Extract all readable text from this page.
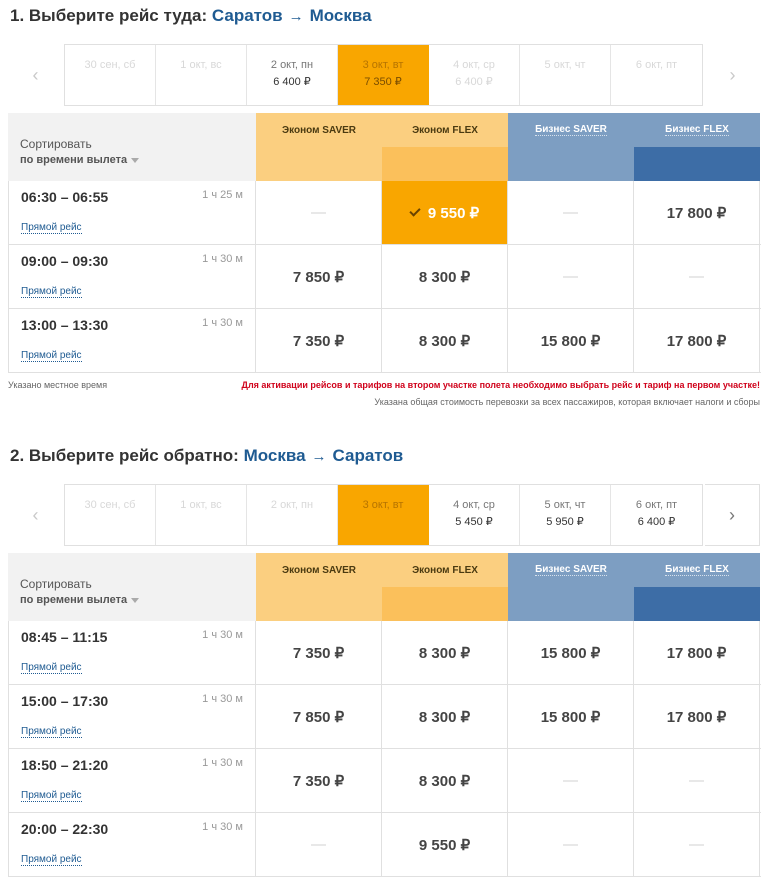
1. Выберите рейс туда: Саратов → Москва
‹	30 сен, сб	1 окт, вс	2 окт, пн
6 400 ₽
3 окт, вт
7 350 ₽
4 окт, ср
6 400 ₽
5 окт, чт	6 окт, пт	›
Сортировать
по времени вылета
Эконом SAVER	Эконом FLEX	Бизнес SAVER	Бизнес FLEX
06:30 – 06:55	1 ч 25 м
Прямой рейс
—	9 550 ₽	—	17 800 ₽
09:00 – 09:30	1 ч 30 м
Прямой рейс
7 850 ₽	8 300 ₽	—	—
13:00 – 13:30	1 ч 30 м
Прямой рейс
7 350 ₽	8 300 ₽	15 800 ₽	17 800 ₽
Указано местное время	Для активации рейсов и тарифов на втором участке полета необходимо выбрать рейс и тариф на первом участке!
Указана общая стоимость перевозки за всех пассажиров, которая включает налоги и сборы
2. Выберите рейс обратно: Москва → Саратов
‹	30 сен, сб	1 окт, вс	2 окт, пн	3 окт, вт	4 окт, ср
5 450 ₽
5 окт, чт
5 950 ₽
6 окт, пт
6 400 ₽	›
Сортировать
по времени вылета
Эконом SAVER	Эконом FLEX	Бизнес SAVER	Бизнес FLEX
08:45 – 11:15	1 ч 30 м
Прямой рейс
7 350 ₽	8 300 ₽	15 800 ₽	17 800 ₽
15:00 – 17:30	1 ч 30 м
Прямой рейс
7 850 ₽	8 300 ₽	15 800 ₽	17 800 ₽
18:50 – 21:20	1 ч 30 м
Прямой рейс
7 350 ₽	8 300 ₽	—	—
20:00 – 22:30	1 ч 30 м
Прямой рейс
—	9 550 ₽	—	—
